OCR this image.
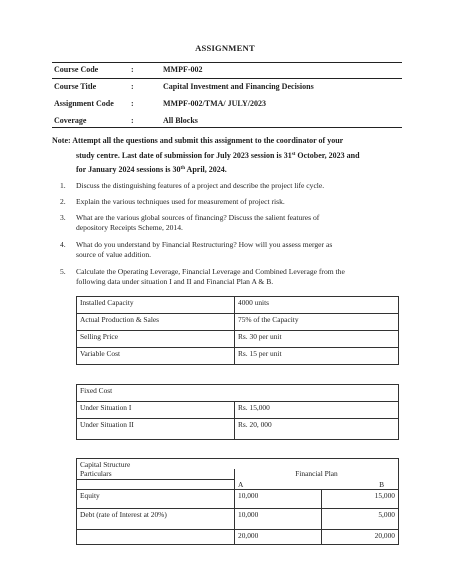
ASSIGNMENT
Course Code	:	MMPF-002
Course Title	:	Capital Investment and Financing Decisions
Assignment Code :	MMPF-002/TMA/ JULY/2023
Coverage	:	All Blocks

Note: Attempt all the questions and submit this assignment to the coordinator of your

study centre. Last date of submission for July 2023 session is 31st October, 2023 and

for January 2024 sessions is 30th April, 2024.

1. Discuss the distinguishing features of a project and describe the project life cycle.
2. Explain the various techniques used for measurement of project risk.
3. What are the various global sources of financing? Discuss the salient features of
depository Receipts Scheme, 2014.
4. What do you understand by Financial Restructuring? How will you assess merger as
source of value addition.
5. Calculate the Operating Leverage, Financial Leverage and Combined Leverage from the
following data under situation I and II and Financial Plan A & B.
Installed Capacity	4000 units
Actual Production & Sales	75% of the Capacity
Selling Price	Rs. 30 per unit
Variable Cost	Rs. 15 per unit
Fixed Cost	
Under Situation I	Rs. 15,000
Under Situation II	Rs. 20, 000
Capital Structure		
Particulars	Financial Plan	
	A	B
Equity	10,000	15,000
Debt (rate of Interest at 20%)	10,000	5,000
	20,000	20,000
